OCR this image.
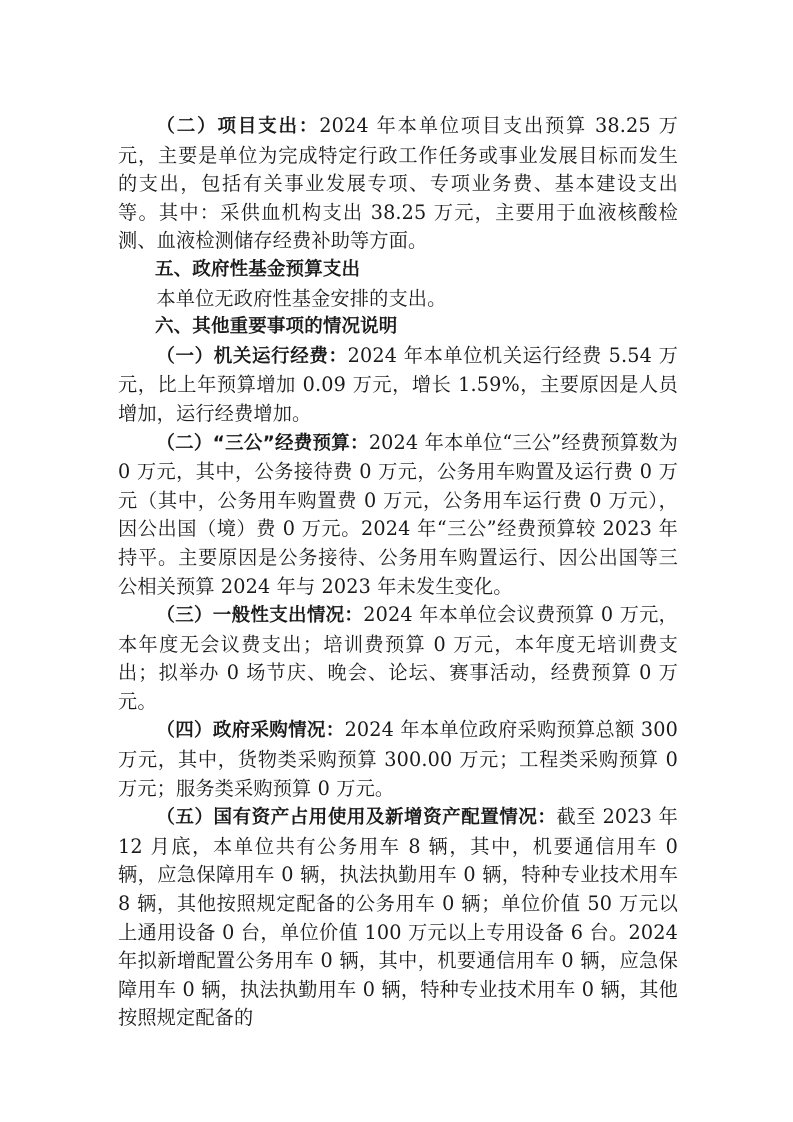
（二）项目支出：2024 年本单位项目支出预算 38.25 万元，主要是单位为完成特定行政工作任务或事业发展目标而发生的支出，包括有关事业发展专项、专项业务费、基本建设支出等。其中：采供血机构支出 38.25 万元，主要用于血液核酸检测、血液检测储存经费补助等方面。

五、政府性基金预算支出

本单位无政府性基金安排的支出。

六、其他重要事项的情况说明

（一）机关运行经费：2024 年本单位机关运行经费 5.54 万元，比上年预算增加 0.09 万元，增长 1.59%，主要原因是人员增加，运行经费增加。

（二）“三公”经费预算：2024 年本单位“三公”经费预算数为 0 万元，其中，公务接待费 0 万元，公务用车购置及运行费 0 万元（其中，公务用车购置费 0 万元，公务用车运行费 0 万元），因公出国（境）费 0 万元。2024 年“三公”经费预算较 2023 年持平。主要原因是公务接待、公务用车购置运行、因公出国等三公相关预算 2024 年与 2023 年未发生变化。

（三）一般性支出情况：2024 年本单位会议费预算 0 万元，本年度无会议费支出；培训费预算 0 万元，本年度无培训费支出；拟举办 0 场节庆、晚会、论坛、赛事活动，经费预算 0 万元。

（四）政府采购情况：2024 年本单位政府采购预算总额 300 万元，其中，货物类采购预算 300.00 万元；工程类采购预算 0 万元；服务类采购预算 0 万元。

（五）国有资产占用使用及新增资产配置情况：截至 2023 年 12 月底，本单位共有公务用车 8 辆，其中，机要通信用车 0 辆，应急保障用车 0 辆，执法执勤用车 0 辆，特种专业技术用车 8 辆，其他按照规定配备的公务用车 0 辆；单位价值 50 万元以上通用设备 0 台，单位价值 100 万元以上专用设备 6 台。2024 年拟新增配置公务用车 0 辆，其中，机要通信用车 0 辆，应急保障用车 0 辆，执法执勤用车 0 辆，特种专业技术用车 0 辆，其他按照规定配备的
